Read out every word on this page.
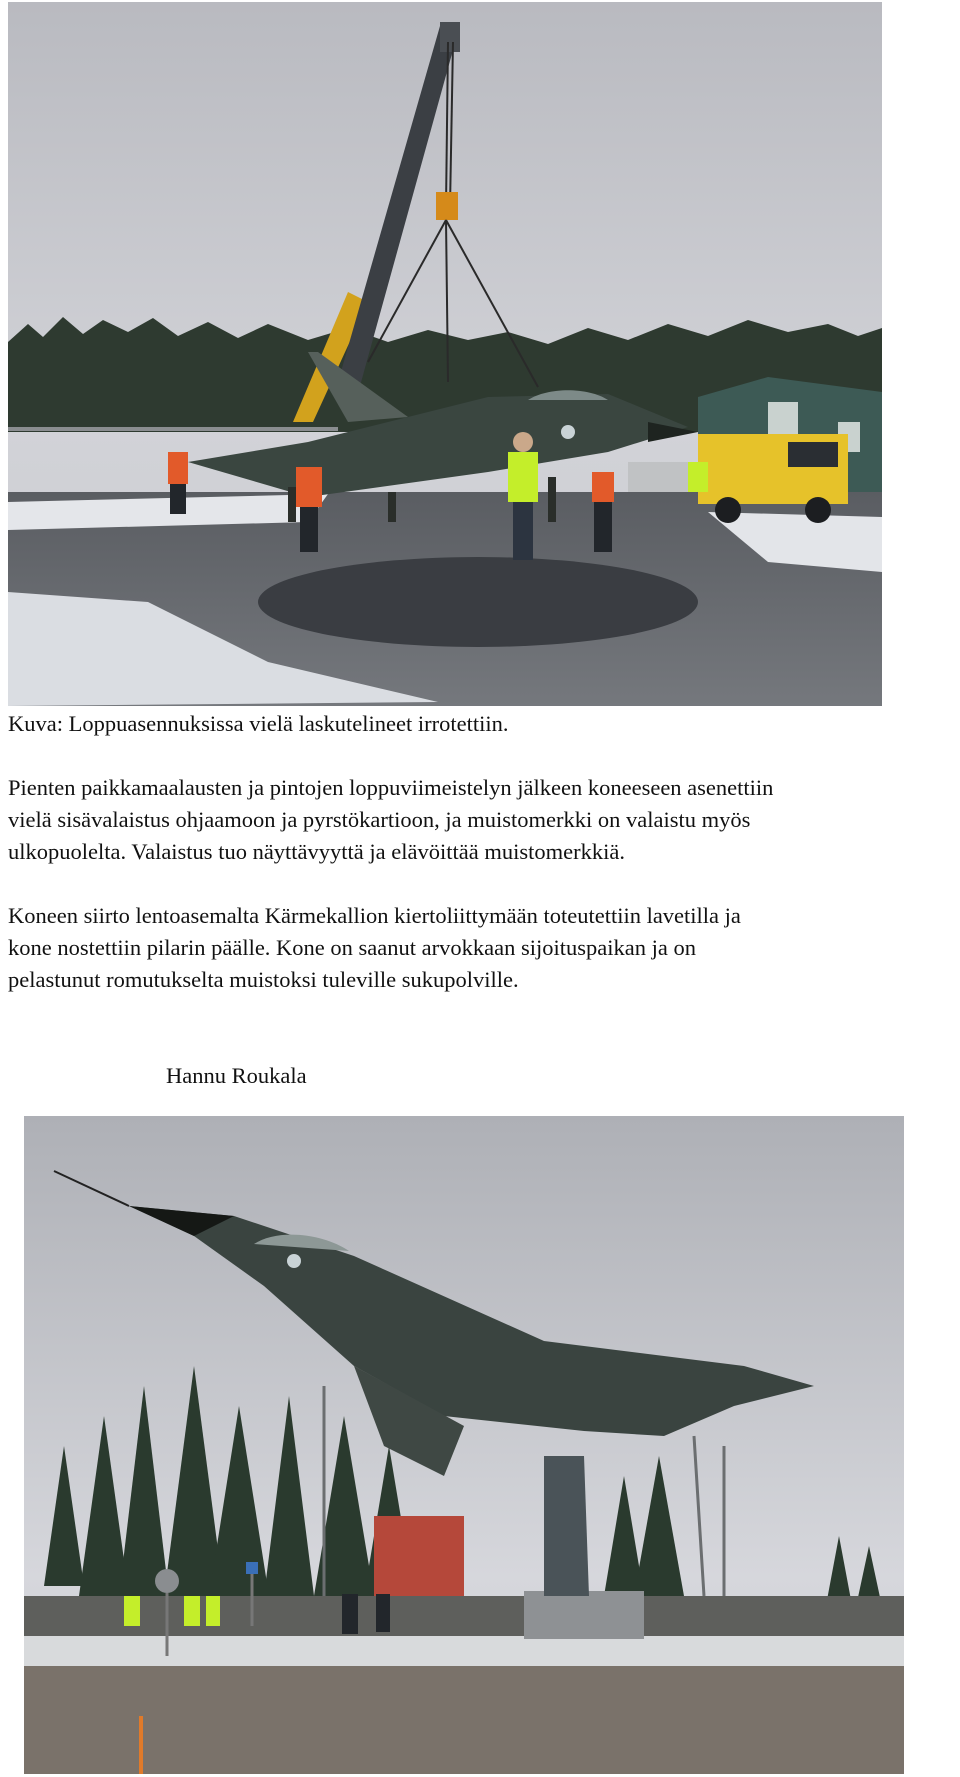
Kuva: Loppuasennuksissa vielä laskutelineet irrotettiin.
Pienten paikkamaalausten ja pintojen loppuviimeistelyn jälkeen koneeseen asenettiin
vielä sisävalaistus ohjaamoon ja pyrstökartioon, ja muistomerkki on valaistu myös
ulkopuolelta. Valaistus tuo näyttävyyttä ja elävöittää muistomerkkiä.
Koneen siirto lentoasemalta Kärmekallion kiertoliittymään toteutettiin lavetilla ja
kone nostettiin pilarin päälle. Kone on saanut arvokkaan sijoituspaikan ja on
pelastunut romutukselta muistoksi tuleville sukupolville.
Hannu Roukala
